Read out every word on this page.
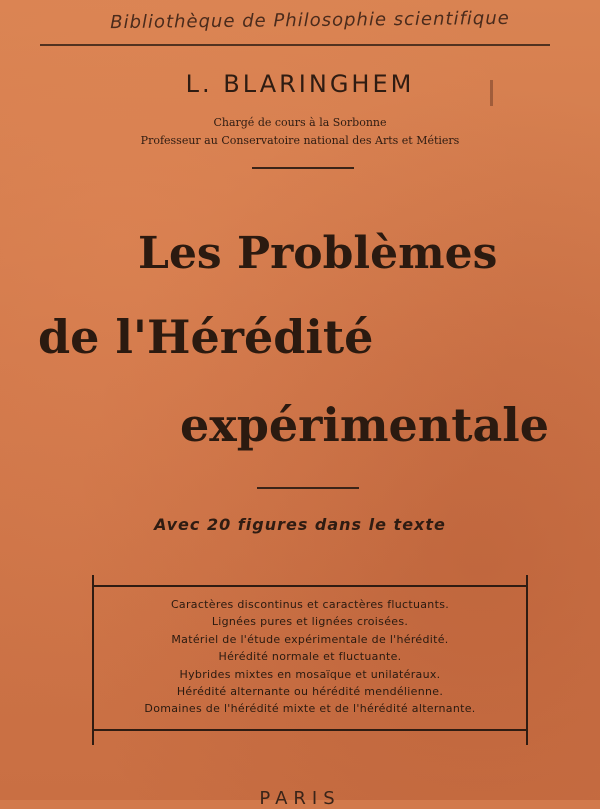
Bibliothèque de Philosophie scientifique
L. BLARINGHEM
Chargé de cours à la Sorbonne
Professeur au Conservatoire national des Arts et Métiers
Les Problèmes
de l'Hérédité
expérimentale
Avec 20 figures dans le texte
Caractères discontinus et caractères fluctuants.
Lignées pures et lignées croisées.
Matériel de l'étude expérimentale de l'hérédité.
Hérédité normale et fluctuante.
Hybrides mixtes en mosaïque et unilatéraux.
Hérédité alternante ou hérédité mendélienne.
Domaines de l'hérédité mixte et de l'hérédité alternante.
PARIS
